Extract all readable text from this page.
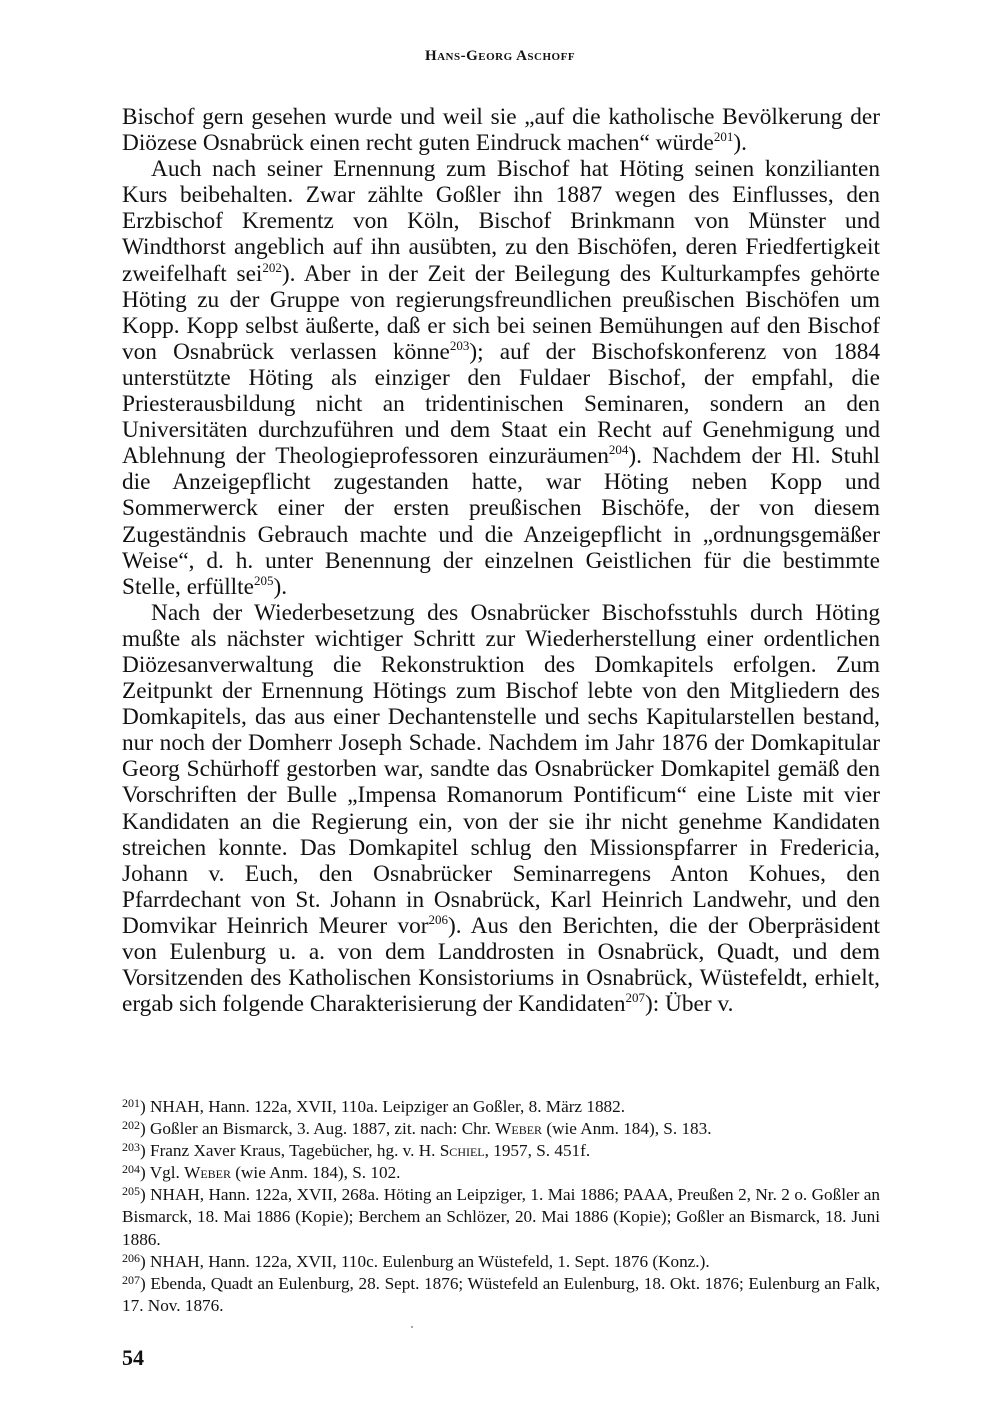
Hans-Georg Aschoff

Bischof gern gesehen wurde und weil sie „auf die katholische Bevölkerung der Diözese Osnabrück einen recht guten Eindruck machen“ würde$^{201}$).

Auch nach seiner Ernennung zum Bischof hat Höting seinen konzilianten Kurs beibehalten. Zwar zählte Goßler ihn 1887 wegen des Einflusses, den Erzbischof Krementz von Köln, Bischof Brinkmann von Münster und Windthorst angeblich auf ihn ausübten, zu den Bischöfen, deren Friedfertigkeit zweifelhaft sei$^{202}$). Aber in der Zeit der Beilegung des Kulturkampfes gehörte Höting zu der Gruppe von regierungsfreundlichen preußischen Bischöfen um Kopp. Kopp selbst äußerte, daß er sich bei seinen Bemühungen auf den Bischof von Osnabrück verlassen könne$^{203}$); auf der Bischofskonferenz von 1884 unterstützte Höting als einziger den Fuldaer Bischof, der empfahl, die Priesterausbildung nicht an tridentinischen Seminaren, sondern an den Universitäten durchzuführen und dem Staat ein Recht auf Genehmigung und Ablehnung der Theologieprofessoren einzuräumen$^{204}$). Nachdem der Hl. Stuhl die Anzeigepflicht zugestanden hatte, war Höting neben Kopp und Sommerwerck einer der ersten preußischen Bischöfe, der von diesem Zugeständnis Gebrauch machte und die Anzeigepflicht in „ordnungsgemäßer Weise“, d. h. unter Benennung der einzelnen Geistlichen für die bestimmte Stelle, erfüllte$^{205}$).

Nach der Wiederbesetzung des Osnabrücker Bischofsstuhls durch Höting mußte als nächster wichtiger Schritt zur Wiederherstellung einer ordentlichen Diözesanverwaltung die Rekonstruktion des Domkapitels erfolgen. Zum Zeitpunkt der Ernennung Hötings zum Bischof lebte von den Mitgliedern des Domkapitels, das aus einer Dechantenstelle und sechs Kapitularstellen bestand, nur noch der Domherr Joseph Schade. Nachdem im Jahr 1876 der Domkapitular Georg Schürhoff gestorben war, sandte das Osnabrücker Domkapitel gemäß den Vorschriften der Bulle „Impensa Romanorum Pontificum“ eine Liste mit vier Kandidaten an die Regierung ein, von der sie ihr nicht genehme Kandidaten streichen konnte. Das Domkapitel schlug den Missionspfarrer in Fredericia, Johann v. Euch, den Osnabrücker Seminarregens Anton Kohues, den Pfarrdechant von St. Johann in Osnabrück, Karl Heinrich Landwehr, und den Domvikar Heinrich Meurer vor$^{206}$). Aus den Berichten, die der Oberpräsident von Eulenburg u. a. von dem Landdrosten in Osnabrück, Quadt, und dem Vorsitzenden des Katholischen Konsistoriums in Osnabrück, Wüstefeldt, erhielt, ergab sich folgende Charakterisierung der Kandidaten$^{207}$): Über v.

$^{201}$) NHAH, Hann. 122a, XVII, 110a. Leipziger an Goßler, 8. März 1882.

$^{202}$) Goßler an Bismarck, 3. Aug. 1887, zit. nach: Chr. Weber (wie Anm. 184), S. 183.

$^{203}$) Franz Xaver Kraus, Tagebücher, hg. v. H. Schiel, 1957, S. 451f.

$^{204}$) Vgl. Weber (wie Anm. 184), S. 102.

$^{205}$) NHAH, Hann. 122a, XVII, 268a. Höting an Leipziger, 1. Mai 1886; PAAA, Preußen 2, Nr. 2 o. Goßler an Bismarck, 18. Mai 1886 (Kopie); Berchem an Schlözer, 20. Mai 1886 (Kopie); Goßler an Bismarck, 18. Juni 1886.

$^{206}$) NHAH, Hann. 122a, XVII, 110c. Eulenburg an Wüstefeld, 1. Sept. 1876 (Konz.).

$^{207}$) Ebenda, Quadt an Eulenburg, 28. Sept. 1876; Wüstefeld an Eulenburg, 18. Okt. 1876; Eulenburg an Falk, 17. Nov. 1876.

54
